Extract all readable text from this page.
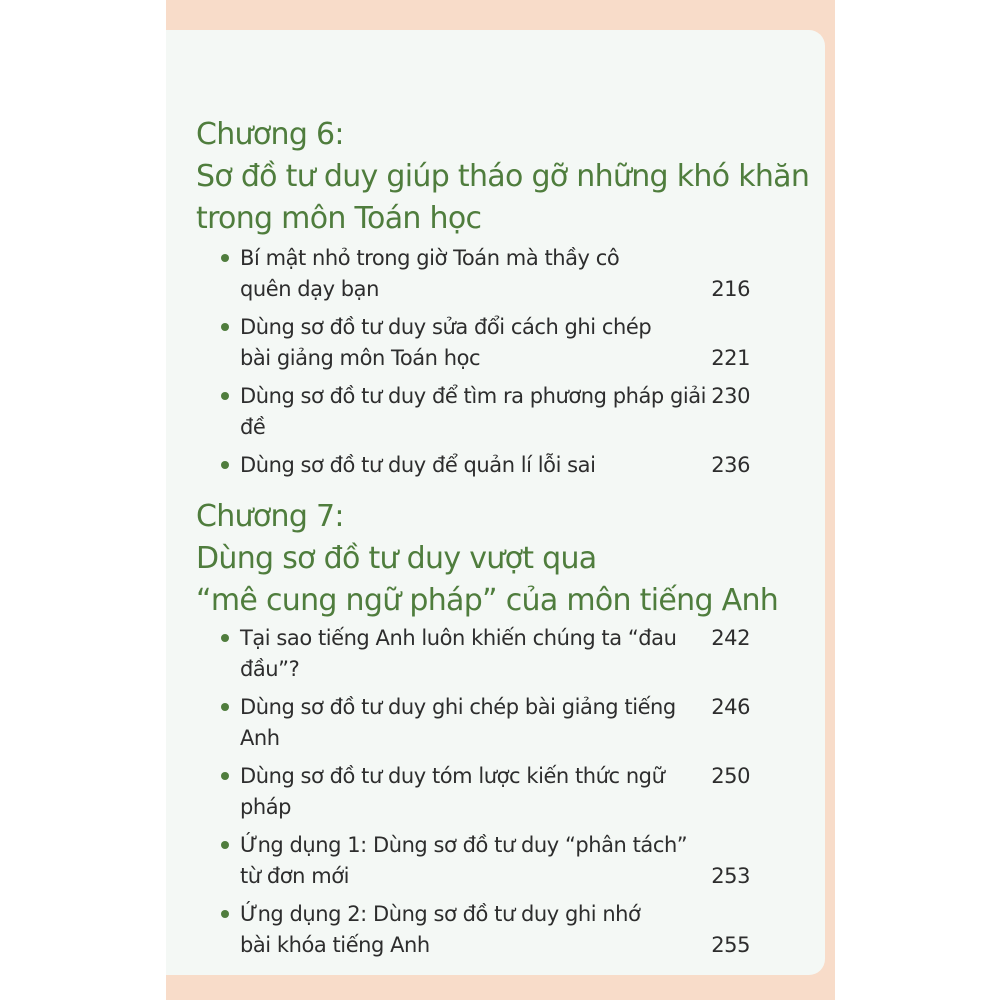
Chương 6:
Sơ đồ tư duy giúp tháo gỡ những khó khăn
trong môn Toán học
Bí mật nhỏ trong giờ Toán mà thầy cô
quên dạy bạn	216
Dùng sơ đồ tư duy sửa đổi cách ghi chép
bài giảng môn Toán học	221
Dùng sơ đồ tư duy để tìm ra phương pháp giải đề
230
Dùng sơ đồ tư duy để quản lí lỗi sai	236
Chương 7:
Dùng sơ đồ tư duy vượt qua
“mê cung ngữ pháp” của môn tiếng Anh
Tại sao tiếng Anh luôn khiến chúng ta “đau đầu”?
242
Dùng sơ đồ tư duy ghi chép bài giảng tiếng Anh
246
Dùng sơ đồ tư duy tóm lược kiến thức ngữ pháp
250
Ứng dụng 1: Dùng sơ đồ tư duy “phân tách”
từ đơn mới	253
Ứng dụng 2: Dùng sơ đồ tư duy ghi nhớ
bài khóa tiếng Anh	255
